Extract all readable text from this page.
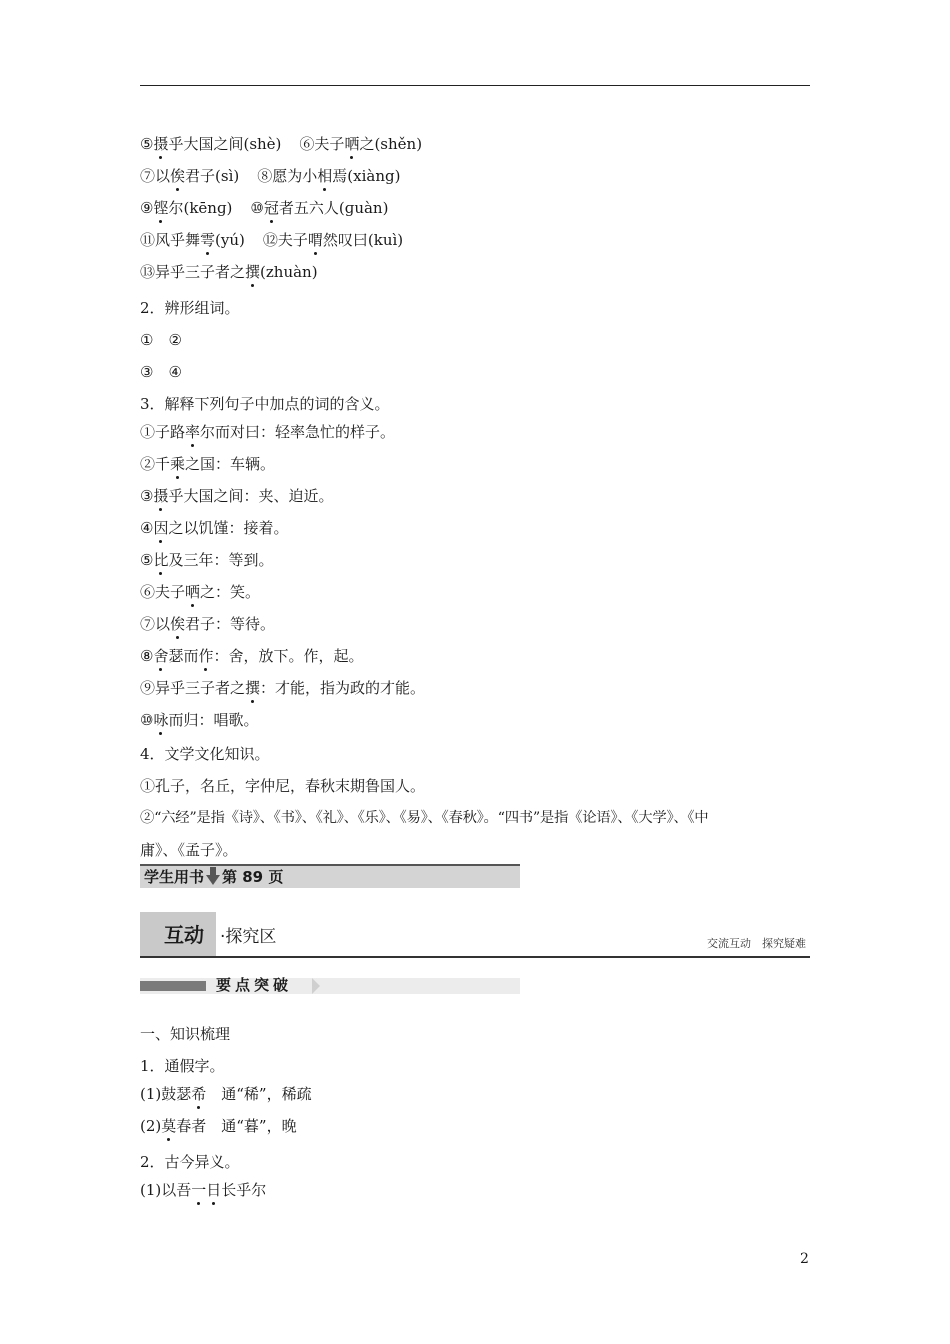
⑤摄乎大国之间(shè) ⑥夫子哂之(shěn)
⑦以俟君子(sì) ⑧愿为小相焉(xiàng)
⑨铿尔(kēnɡ) ⑩冠者五六人(ɡuàn)
⑪风乎舞雩(yú) ⑫夫子喟然叹曰(kuì)
⑬异乎三子者之撰(zhuàn)
2．辨形组词。
①　②
③　④
3．解释下列句子中加点的词的含义。
①子路率尔而对曰：轻率急忙的样子。
②千乘之国：车辆。
③摄乎大国之间：夹、迫近。
④因之以饥馑：接着。
⑤比及三年：等到。
⑥夫子哂之：笑。
⑦以俟君子：等待。
⑧舍瑟而作：舍，放下。作，起。
⑨异乎三子者之撰：才能，指为政的才能。
⑩咏而归：唱歌。
4．文学文化知识。
①孔子，名丘，字仲尼，春秋末期鲁国人。
②“六经”是指《诗》、《书》、《礼》、《乐》、《易》、《春秋》。“四书”是指《论语》、《大学》、《中
庸》、《孟子》。
学生用书 第 89 页
互动 ·探究区	交流互动　探究疑难
要点突破
一、知识梳理
1．通假字。
(1)鼓瑟希　通“稀”，稀疏
(2)莫春者　通“暮”，晚
2．古今异义。
(1)以吾一日长乎尔
2
